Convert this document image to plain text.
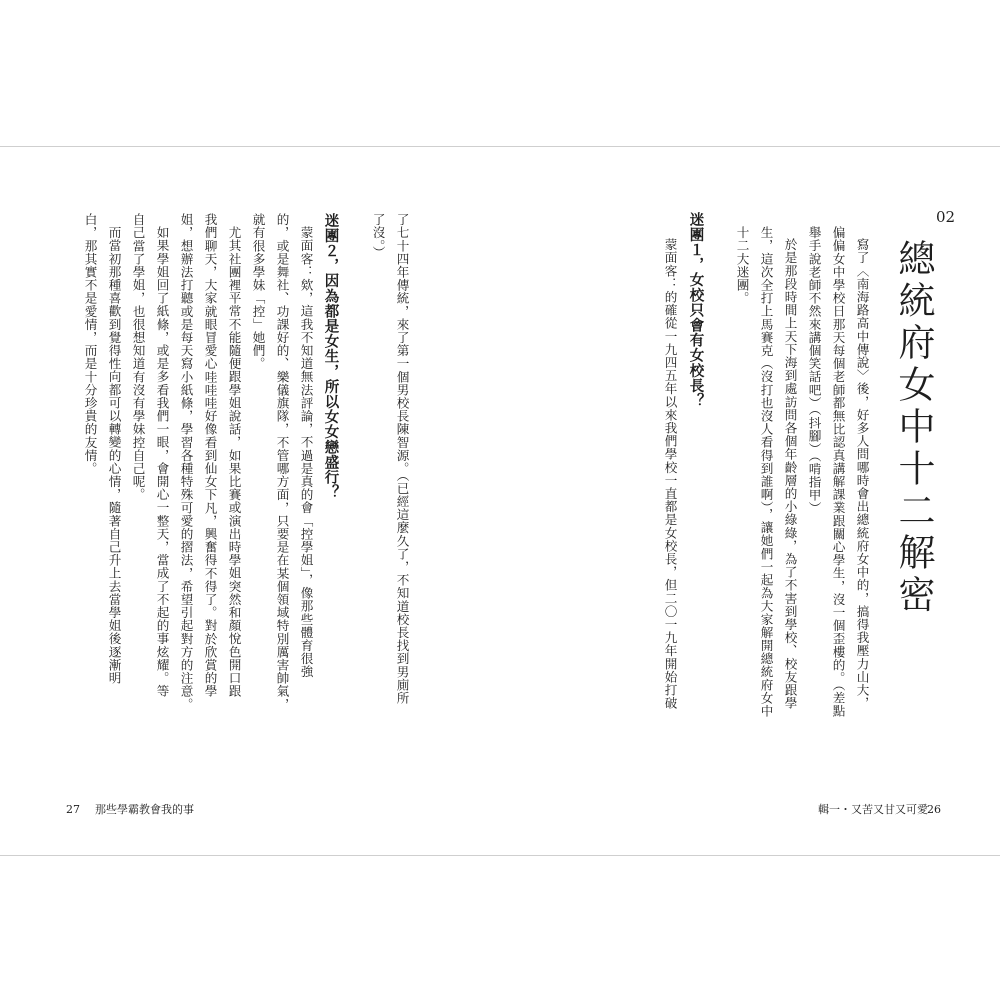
02
總統府女中十二解密
寫了〈南海路高中傳說〉後，好多人問哪時會出總統府女中的，搞得我壓力山大，
偏偏女中學校日那天每個老師都無比認真講解課業跟關心學生，沒一個歪樓的。（差點
舉手說老師不然來講個笑話吧）（抖腳）（啃指甲）
於是那段時間上天下海到處訪問各個年齡層的小綠綠，為了不害到學校、校友跟學
生，這次全打上馬賽克（沒打也沒人看得到誰啊），讓她們一起為大家解開總統府女中
十二大迷團。
迷團１，女校只會有女校長？
蒙面客：的確從一九四五年以來我們學校一直都是女校長，但二〇一九年開始打破
輯一・又苦又甘又可愛 26
了七十四年傳統，來了第一個男校長陳智源。（已經這麼久了，不知道校長找到男廁所
了沒。）
迷團２，因為都是女生，所以女女戀盛行？
蒙面客：欸，這我不知道無法評論，不過是真的會「控學姐」，像那些體育很強
的，或是舞社、功課好的、樂儀旗隊，不管哪方面，只要是在某個領域特別厲害帥氣，
就有很多學妹「控」她們。
尤其社團裡平常不能隨便跟學姐說話，如果比賽或演出時學姐突然和顏悅色開口跟
我們聊天，大家就眼冒愛心哇哇哇好像看到仙女下凡，興奮得不得了。對於欣賞的學
姐，想辦法打聽或是每天寫小紙條，學習各種特殊可愛的摺法，希望引起對方的注意。
如果學姐回了紙條，或是多看我們一眼，會開心一整天，當成了不起的事炫耀。等
自己當了學姐，也很想知道有沒有學妹控自己呢。
而當初那種喜歡到覺得性向都可以轉變的心情，隨著自己升上去當學姐後逐漸明
白，那其實不是愛情，而是十分珍貴的友情。
27 那些學霸教會我的事
